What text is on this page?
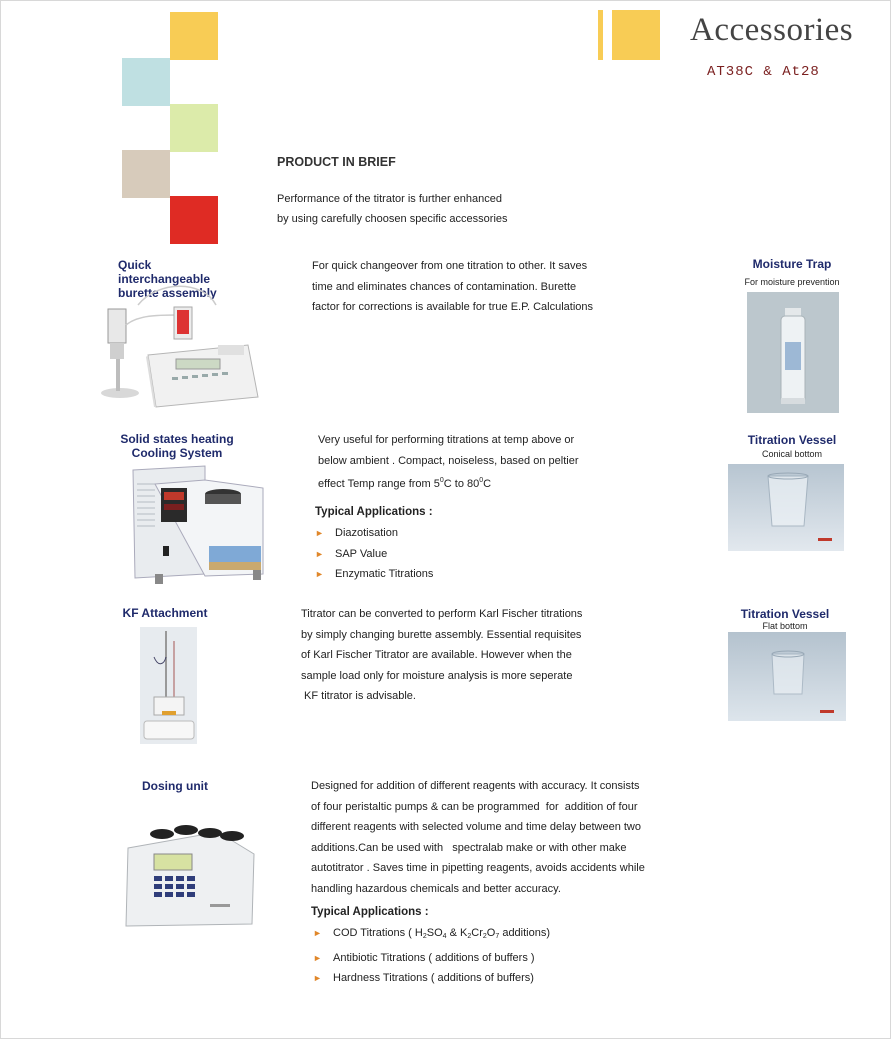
Accessories
AT38C & At28
PRODUCT IN BRIEF
Performance of the titrator is further enhanced
by using carefully choosen specific accessories
Quick interchangeable
burette assembly
For quick changeover from one titration to other. It saves
time and eliminates chances of contamination. Burette
factor for corrections is available for true E.P. Calculations
Moisture Trap
For moisture prevention
Solid states heating
Cooling System
Very useful for performing titrations at temp above or
below ambient . Compact, noiseless, based on peltier
effect Temp range from $5^0C$ to $80^0C$
Typical Applications :
► Diazotisation
► SAP Value
► Enzymatic Titrations
Titration Vessel
Conical bottom
KF Attachment	Titrator can be converted to perform Karl Fischer titrations
by simply changing burette assembly. Essential requisites
of Karl Fischer Titrator are available. However when the
sample load only for moisture analysis is more seperate
KF titrator is advisable.
Titration Vessel
Flat bottom
Dosing unit	Designed for addition of different reagents with accuracy. It consists
of four peristaltic pumps & can be programmed  for  addition of four
different reagents with selected volume and time delay between two
additions.Can be used with   spectralab make or with other make
autotitrator . Saves time in pipetting reagents, avoids accidents while
handling hazardous chemicals and better accuracy.
Typical Applications :
► COD Titrations ( $H_2SO_4$ & $K_2Cr_2O_7$ additions)
► Antibiotic Titrations ( additions of buffers )
► Hardness Titrations ( additions of buffers)
